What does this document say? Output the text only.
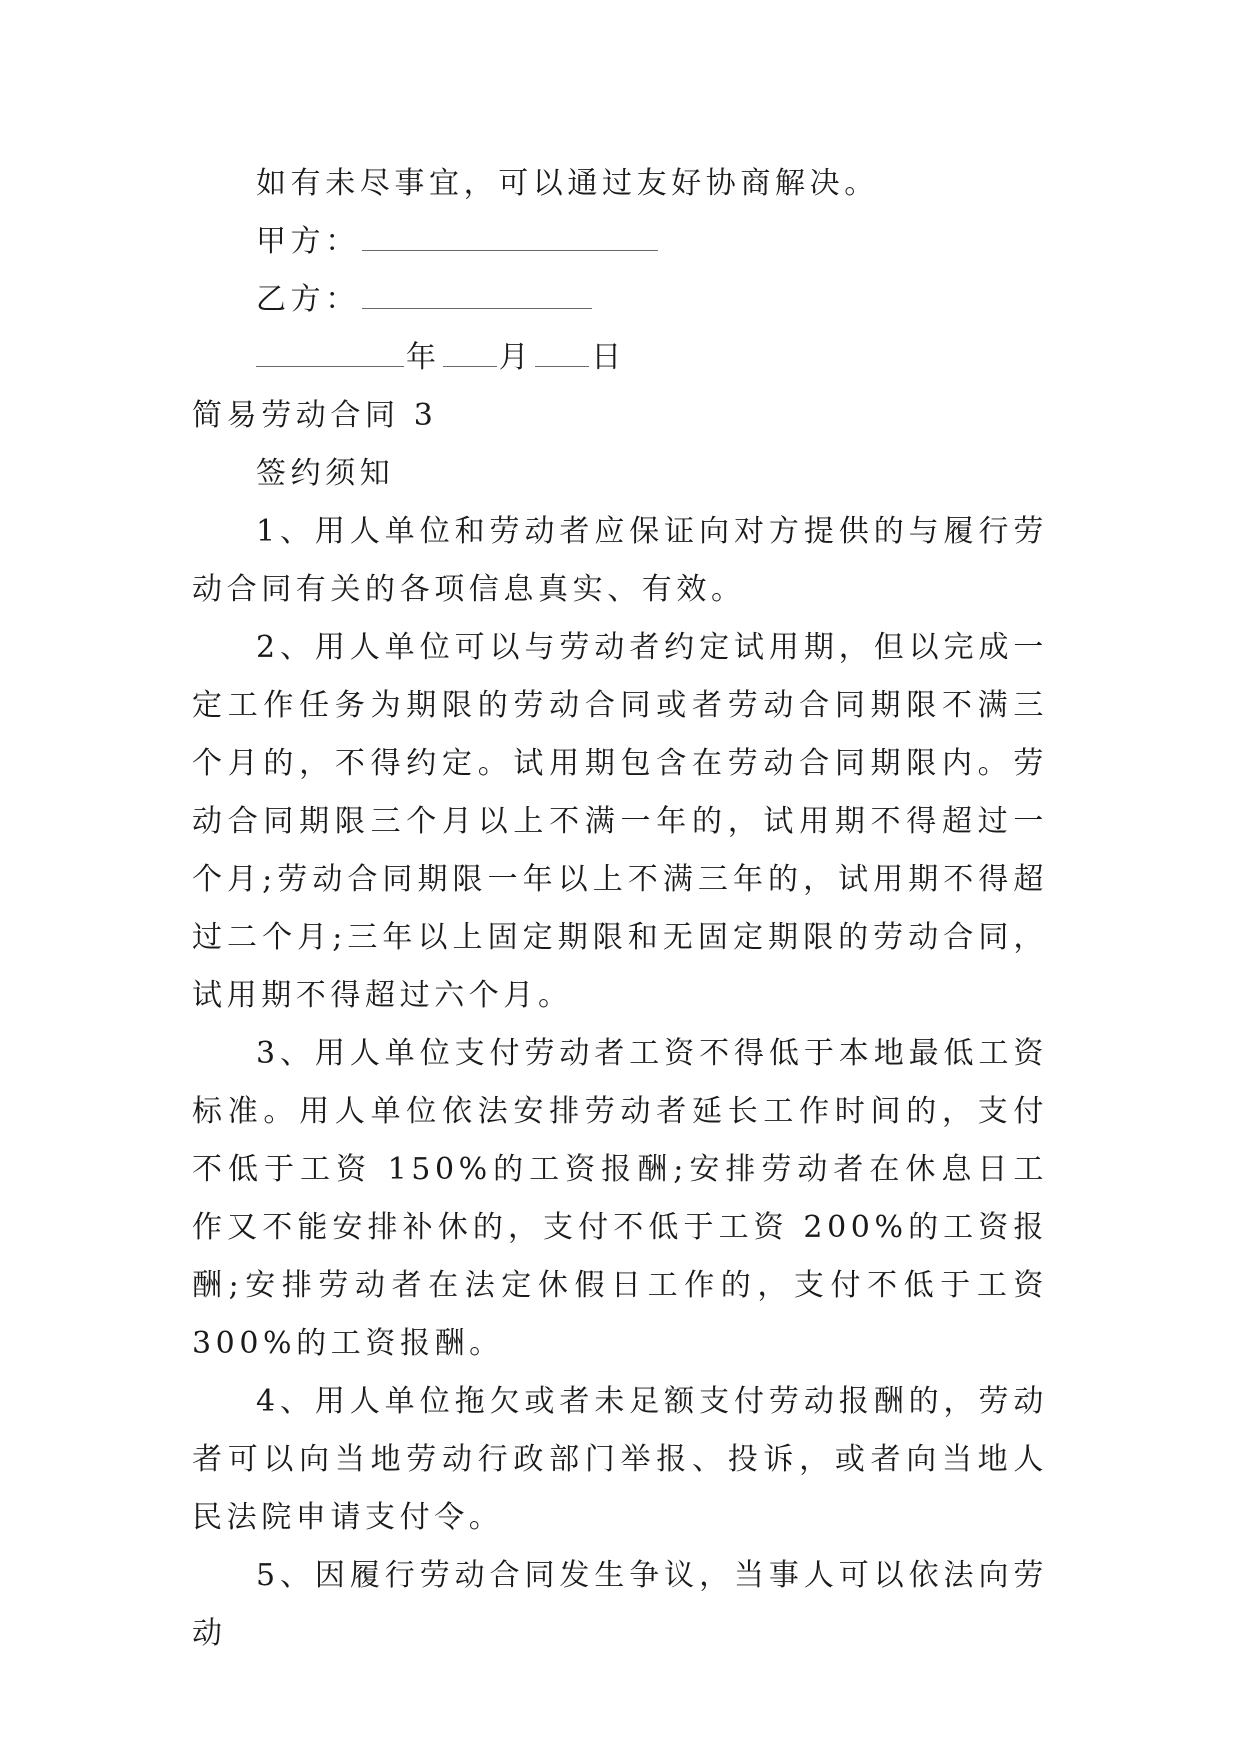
如有未尽事宜，可以通过友好协商解决。

甲方：

乙方：

年 月 日

简易劳动合同 3

签约须知

1、用人单位和劳动者应保证向对方提供的与履行劳动合同有关的各项信息真实、有效。

2、用人单位可以与劳动者约定试用期，但以完成一定工作任务为期限的劳动合同或者劳动合同期限不满三个月的，不得约定。试用期包含在劳动合同期限内。劳动合同期限三个月以上不满一年的，试用期不得超过一个月;劳动合同期限一年以上不满三年的，试用期不得超过二个月;三年以上固定期限和无固定期限的劳动合同，试用期不得超过六个月。

3、用人单位支付劳动者工资不得低于本地最低工资标准。用人单位依法安排劳动者延长工作时间的，支付不低于工资 150%的工资报酬;安排劳动者在休息日工作又不能安排补休的，支付不低于工资 200%的工资报酬;安排劳动者在法定休假日工作的，支付不低于工资 300%的工资报酬。

4、用人单位拖欠或者未足额支付劳动报酬的，劳动者可以向当地劳动行政部门举报、投诉，或者向当地人民法院申请支付令。

5、因履行劳动合同发生争议，当事人可以依法向劳动
